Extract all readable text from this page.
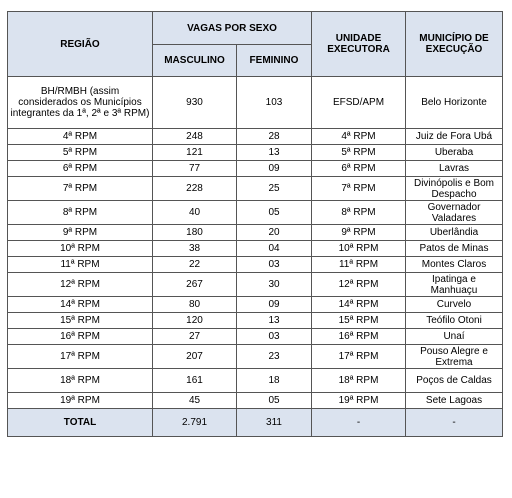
REGIÃO	VAGAS POR SEXO		UNIDADE EXECUTORA	MUNICÍPIO DE EXECUÇÃO
	MASCULINO	FEMININO		
BH/RMBH (assim considerados os Municípios integrantes da 1ª, 2ª e 3ª RPM)	930	103	EFSD/APM	Belo Horizonte
4ª RPM	248	28	4ª RPM	Juiz de Fora Ubá
5ª RPM	121	13	5ª RPM	Uberaba
6ª RPM	77	09	6ª RPM	Lavras
7ª RPM	228	25	7ª RPM	Divinópolis e Bom Despacho
8ª RPM	40	05	8ª RPM	Governador Valadares
9ª RPM	180	20	9ª RPM	Uberlândia
10ª RPM	38	04	10ª RPM	Patos de Minas
11ª RPM	22	03	11ª RPM	Montes Claros
12ª RPM	267	30	12ª RPM	Ipatinga e Manhuaçu
14ª RPM	80	09	14ª RPM	Curvelo
15ª RPM	120	13	15ª RPM	Teófilo Otoni
16ª RPM	27	03	16ª RPM	Unaí
17ª RPM	207	23	17ª RPM	Pouso Alegre e Extrema
18ª RPM	161	18	18ª RPM	Poços de Caldas
19ª RPM	45	05	19ª RPM	Sete Lagoas
TOTAL	2.791	311	-	-
